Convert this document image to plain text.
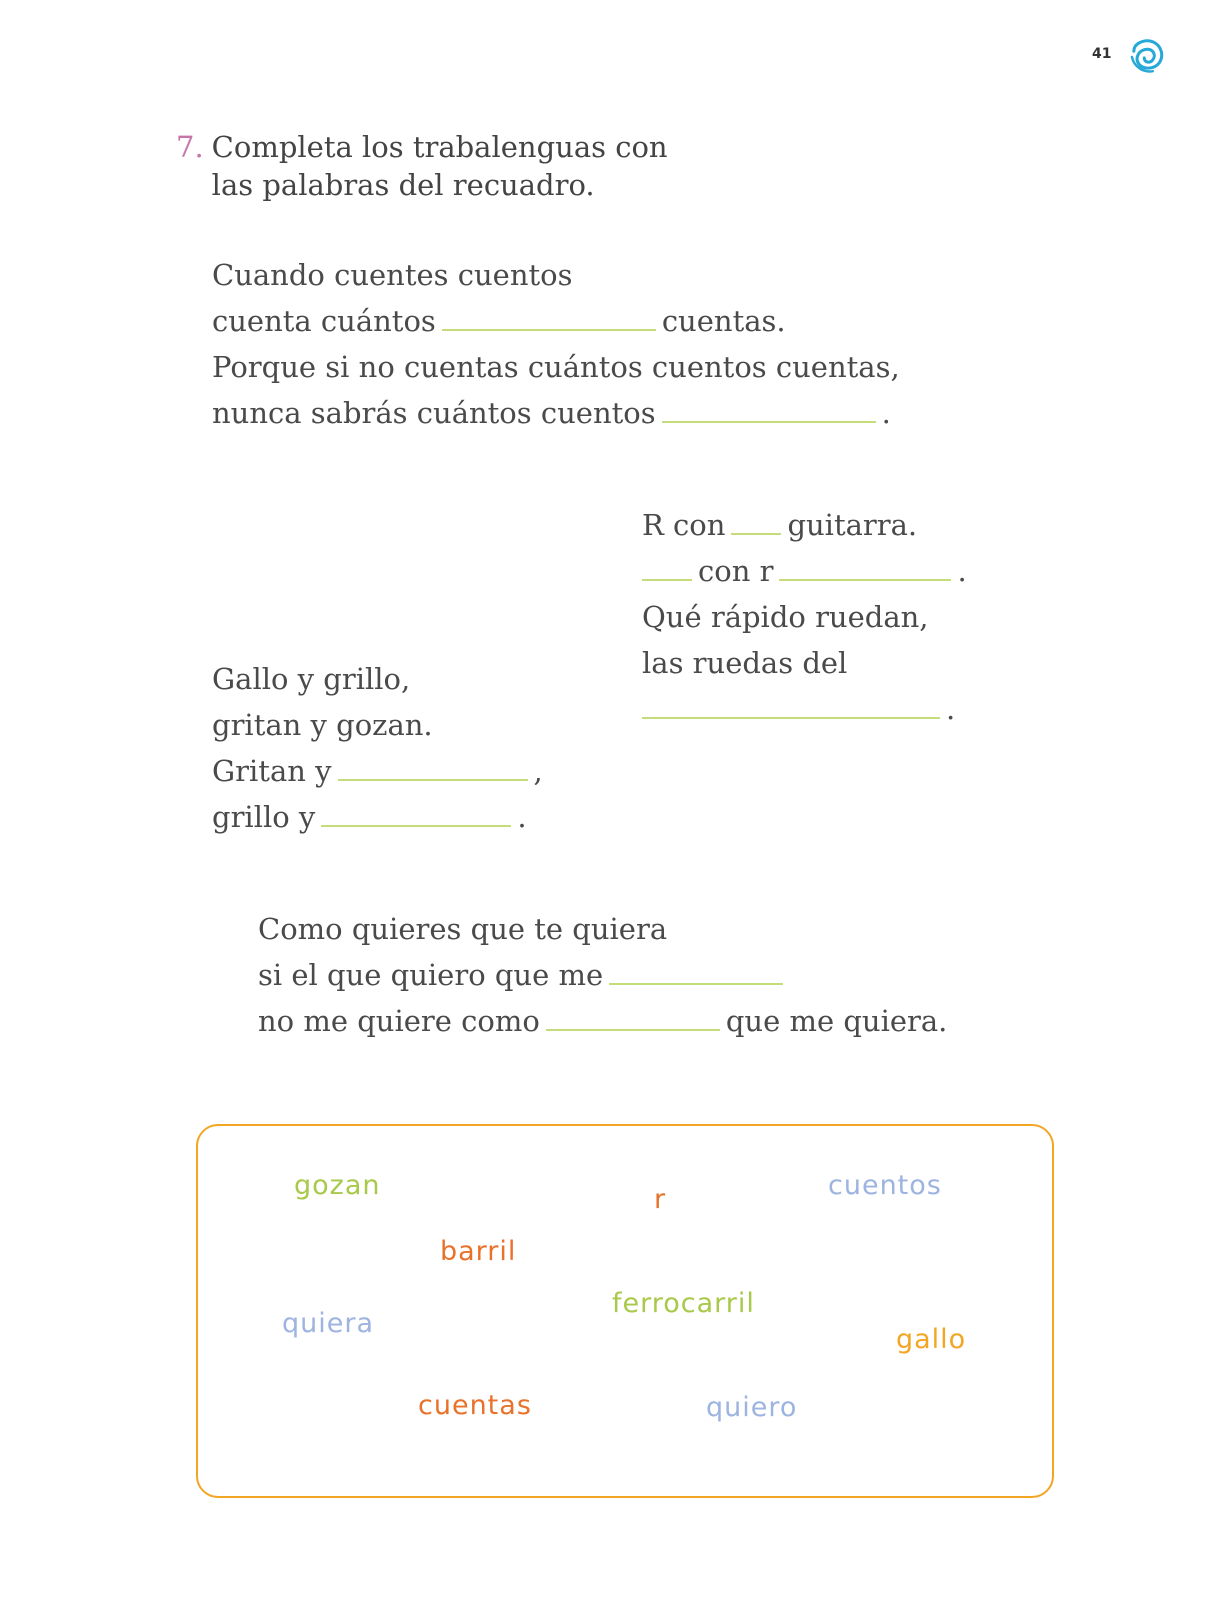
41
7. Completa los trabalenguas con
las palabras del recuadro.
Cuando cuentes cuentos
cuenta cuántos	cuentas.
Porque si no cuentas cuántos cuentos cuentas,
nunca sabrás cuántos cuentos	.
R con guitarra.
con r	.
Qué rápido ruedan,
las ruedas del
.
Gallo y grillo,
gritan y gozan.
Gritan y	,
grillo y	.
Como quieres que te quiera
si el que quiero que me
no me quiere como	que me quiera.
gozan	r	cuentos
barril
ferrocarril
quiera
gallo
cuentas	quiero
